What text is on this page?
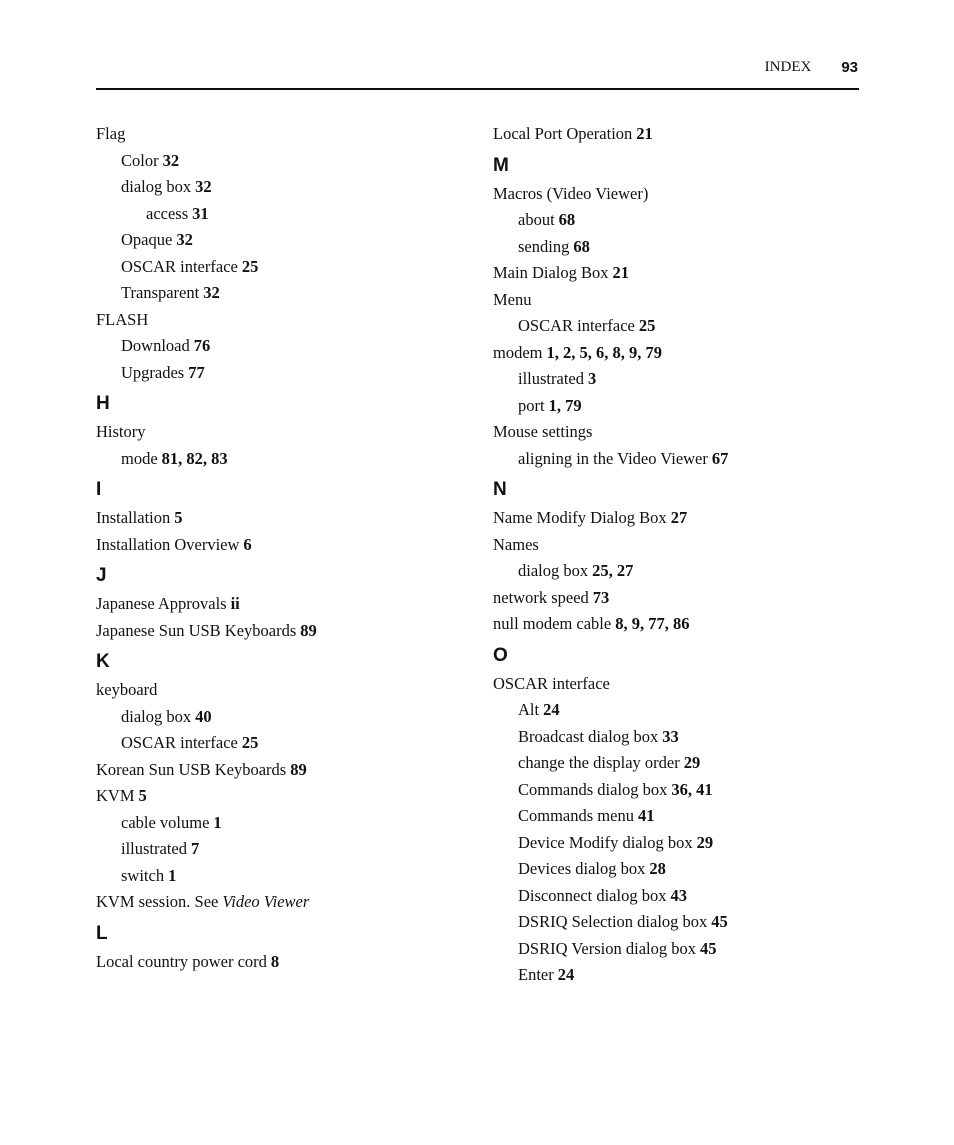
INDEX 93
Flag
Color 32
dialog box 32
access 31
Opaque 32
OSCAR interface 25
Transparent 32
FLASH
Download 76
Upgrades 77
H
History
mode 81, 82, 83
I
Installation 5
Installation Overview 6
J
Japanese Approvals ii
Japanese Sun USB Keyboards 89
K
keyboard
dialog box 40
OSCAR interface 25
Korean Sun USB Keyboards 89
KVM 5
cable volume 1
illustrated 7
switch 1
KVM session. See Video Viewer
L
Local country power cord 8
Local Port Operation 21
M
Macros (Video Viewer)
about 68
sending 68
Main Dialog Box 21
Menu
OSCAR interface 25
modem 1, 2, 5, 6, 8, 9, 79
illustrated 3
port 1, 79
Mouse settings
aligning in the Video Viewer 67
N
Name Modify Dialog Box 27
Names
dialog box 25, 27
network speed 73
null modem cable 8, 9, 77, 86
O
OSCAR interface
Alt 24
Broadcast dialog box 33
change the display order 29
Commands dialog box 36, 41
Commands menu 41
Device Modify dialog box 29
Devices dialog box 28
Disconnect dialog box 43
DSRIQ Selection dialog box 45
DSRIQ Version dialog box 45
Enter 24
